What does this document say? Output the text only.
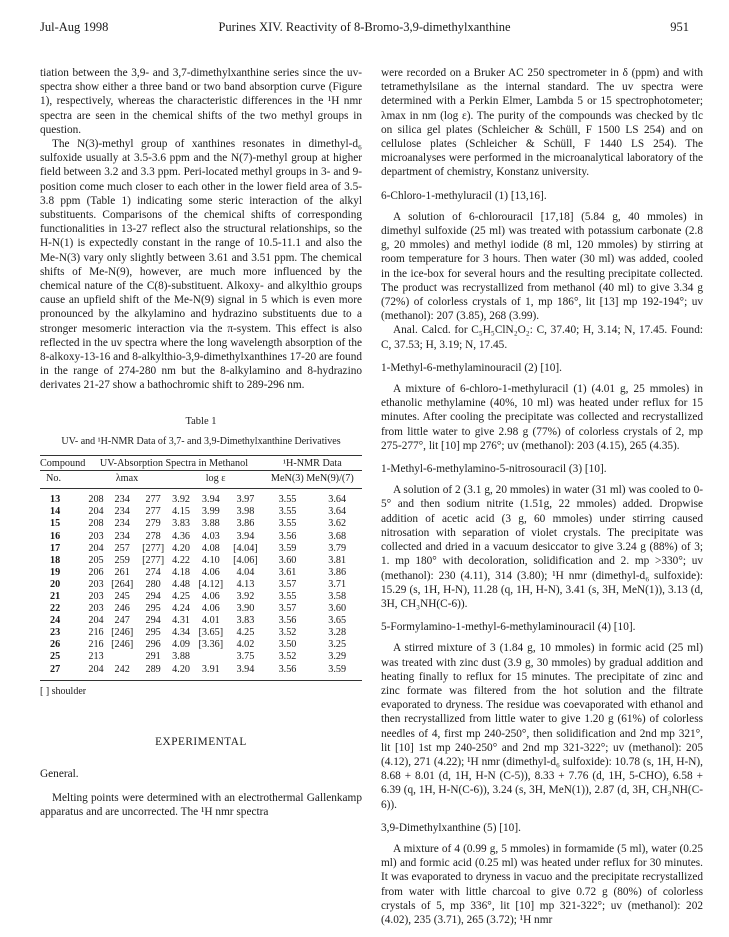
Jul-Aug 1998	Purines XIV. Reactivity of 8-Bromo-3,9-dimethylxanthine	951

tiation between the 3,9- and 3,7-dimethylxanthine series since the uv-spectra show either a three band or two band absorption curve (Figure 1), respectively, whereas the characteristic differences in the ¹H nmr spectra are seen in the chemical shifts of the two methyl groups in question.

The N(3)-methyl group of xanthines resonates in dimethyl-d₆ sulfoxide usually at 3.5-3.6 ppm and the N(7)-methyl group at higher field between 3.2 and 3.3 ppm. Peri-located methyl groups in 3- and 9-position come much closer to each other in the lower field area of 3.5-3.8 ppm (Table 1) indicating some steric interaction of the alkyl substituents. Comparisons of the chemical shifts of corresponding functionalities in 13-27 reflect also the structural relationships, so the H-N(1) is expectedly constant in the range of 10.5-11.1 and also the Me-N(3) vary only slightly between 3.61 and 3.51 ppm. The chemical shifts of Me-N(9), however, are much more influenced by the chemical nature of the C(8)-substituent. Alkoxy- and alkylthio groups cause an upfield shift of the Me-N(9) signal in 5 which is even more pronounced by the alkylamino and hydrazino substituents due to a stronger mesomeric interaction via the π-system. This effect is also reflected in the uv spectra where the long wavelength absorption of the 8-alkoxy-13-16 and 8-alkylthio-3,9-dimethylxanthines 17-20 are found in the range of 274-280 nm but the 8-alkylamino and 8-hydrazino derivates 21-27 show a bathochromic shift to 289-296 nm.

Table 1
UV- and ¹H-NMR Data of 3,7- and 3,9-Dimethylxanthine Derivatives
Compound	UV-Absorption Spectra in Methanol						¹H-NMR Data	
No.	λmax			log ε			MeN(3) MeN(9)/(7)	
13	208	234	277	3.92	3.94	3.97	3.55	3.64
14	204	234	277	4.15	3.99	3.98	3.55	3.64
15	208	234	279	3.83	3.88	3.86	3.55	3.62
16	203	234	278	4.36	4.03	3.94	3.56	3.68
17	204	257	[277]	4.20	4.08	[4.04]	3.59	3.79
18	205	259	[277]	4.22	4.10	[4.06]	3.60	3.81
19	206	261	274	4.18	4.06	4.04	3.61	3.86
20	203	[264]	280	4.48	[4.12]	4.13	3.57	3.71
21	203	245	294	4.25	4.06	3.92	3.55	3.58
22	203	246	295	4.24	4.06	3.90	3.57	3.60
24	204	247	294	4.31	4.01	3.83	3.56	3.65
23	216	[246]	295	4.34	[3.65]	4.25	3.52	3.28
26	216	[246]	296	4.09	[3.36]	4.02	3.50	3.25
25	213		291	3.88		3.75	3.52	3.29
27	204	242	289	4.20	3.91	3.94	3.56	3.59
[ ] shoulder
EXPERIMENTAL
General.

Melting points were determined with an electrothermal Gallenkamp apparatus and are uncorrected. The ¹H nmr spectra

were recorded on a Bruker AC 250 spectrometer in δ (ppm) and with tetramethylsilane as the internal standard. The uv spectra were determined with a Perkin Elmer, Lambda 5 or 15 spectrophotometer; λmax in nm (log ε). The purity of the compounds was checked by tlc on silica gel plates (Schleicher & Schüll, F 1500 LS 254) and on cellulose plates (Schleicher & Schüll, F 1440 LS 254). The microanalyses were performed in the microanalytical laboratory of the department of chemistry, Konstanz university.

6-Chloro-1-methyluracil (1) [13,16].

A solution of 6-chlorouracil [17,18] (5.84 g, 40 mmoles) in dimethyl sulfoxide (25 ml) was treated with potassium carbonate (2.8 g, 20 mmoles) and methyl iodide (8 ml, 120 mmoles) by stirring at room temperature for 3 hours. Then water (30 ml) was added, cooled in the ice-box for several hours and the resulting precipitate collected. The product was recrystallized from methanol (40 ml) to give 3.34 g (72%) of colorless crystals of 1, mp 186°, lit [13] mp 192-194°; uv (methanol): 207 (3.85), 268 (3.99).

Anal. Calcd. for C₅H₅ClN₂O₂: C, 37.40; H, 3.14; N, 17.45. Found: C, 37.53; H, 3.19; N, 17.45.

1-Methyl-6-methylaminouracil (2) [10].

A mixture of 6-chloro-1-methyluracil (1) (4.01 g, 25 mmoles) in ethanolic methylamine (40%, 10 ml) was heated under reflux for 15 minutes. After cooling the precipitate was collected and recrystallized from little water to give 2.98 g (77%) of colorless crystals of 2, mp 275-277°, lit [10] mp 276°; uv (methanol): 203 (4.15), 265 (4.35).

1-Methyl-6-methylamino-5-nitrosouracil (3) [10].

A solution of 2 (3.1 g, 20 mmoles) in water (31 ml) was cooled to 0-5° and then sodium nitrite (1.51g, 22 mmoles) added. Dropwise addition of acetic acid (3 g, 60 mmoles) under stirring caused nitrosation with separation of violet crystals. The precipitate was collected and dried in a vacuum desiccator to give 3.24 g (88%) of 3; 1. mp 180° with decoloration, solidification and 2. mp >330°; uv (methanol): 230 (4.11), 314 (3.80); ¹H nmr (dimethyl-d₆ sulfoxide): 15.29 (s, 1H, H-N), 11.28 (q, 1H, H-N), 3.41 (s, 3H, MeN(1)), 3.13 (d, 3H, CH₃NH(C-6)).

5-Formylamino-1-methyl-6-methylaminouracil (4) [10].

A stirred mixture of 3 (1.84 g, 10 mmoles) in formic acid (25 ml) was treated with zinc dust (3.9 g, 30 mmoles) by gradual addition and heating finally to reflux for 15 minutes. The precipitate of zinc and zinc formate was filtered from the hot solution and the filtrate evaporated to dryness. The residue was coevaporated with ethanol and then recrystallized from little water to give 1.20 g (61%) of colorless needles of 4, first mp 240-250°, then solidification and 2nd mp 321°, lit [10] 1st mp 240-250° and 2nd mp 321-322°; uv (methanol): 205 (4.12), 271 (4.22); ¹H nmr (dimethyl-d₆ sulfoxide): 10.78 (s, 1H, H-N), 8.68 + 8.01 (d, 1H, H-N (C-5)), 8.33 + 7.76 (d, 1H, 5-CHO), 6.58 + 6.39 (q, 1H, H-N(C-6)), 3.24 (s, 3H, MeN(1)), 2.87 (d, 3H, CH₃NH(C-6)).

3,9-Dimethylxanthine (5) [10].

A mixture of 4 (0.99 g, 5 mmoles) in formamide (5 ml), water (0.25 ml) and formic acid (0.25 ml) was heated under reflux for 30 minutes. It was evaporated to dryness in vacuo and the precipitate recrystallized from water with little charcoal to give 0.72 g (80%) of colorless crystals of 5, mp 336°, lit [10] mp 321-322°; uv (methanol): 202 (4.02), 235 (3.71), 265 (3.72); ¹H nmr
